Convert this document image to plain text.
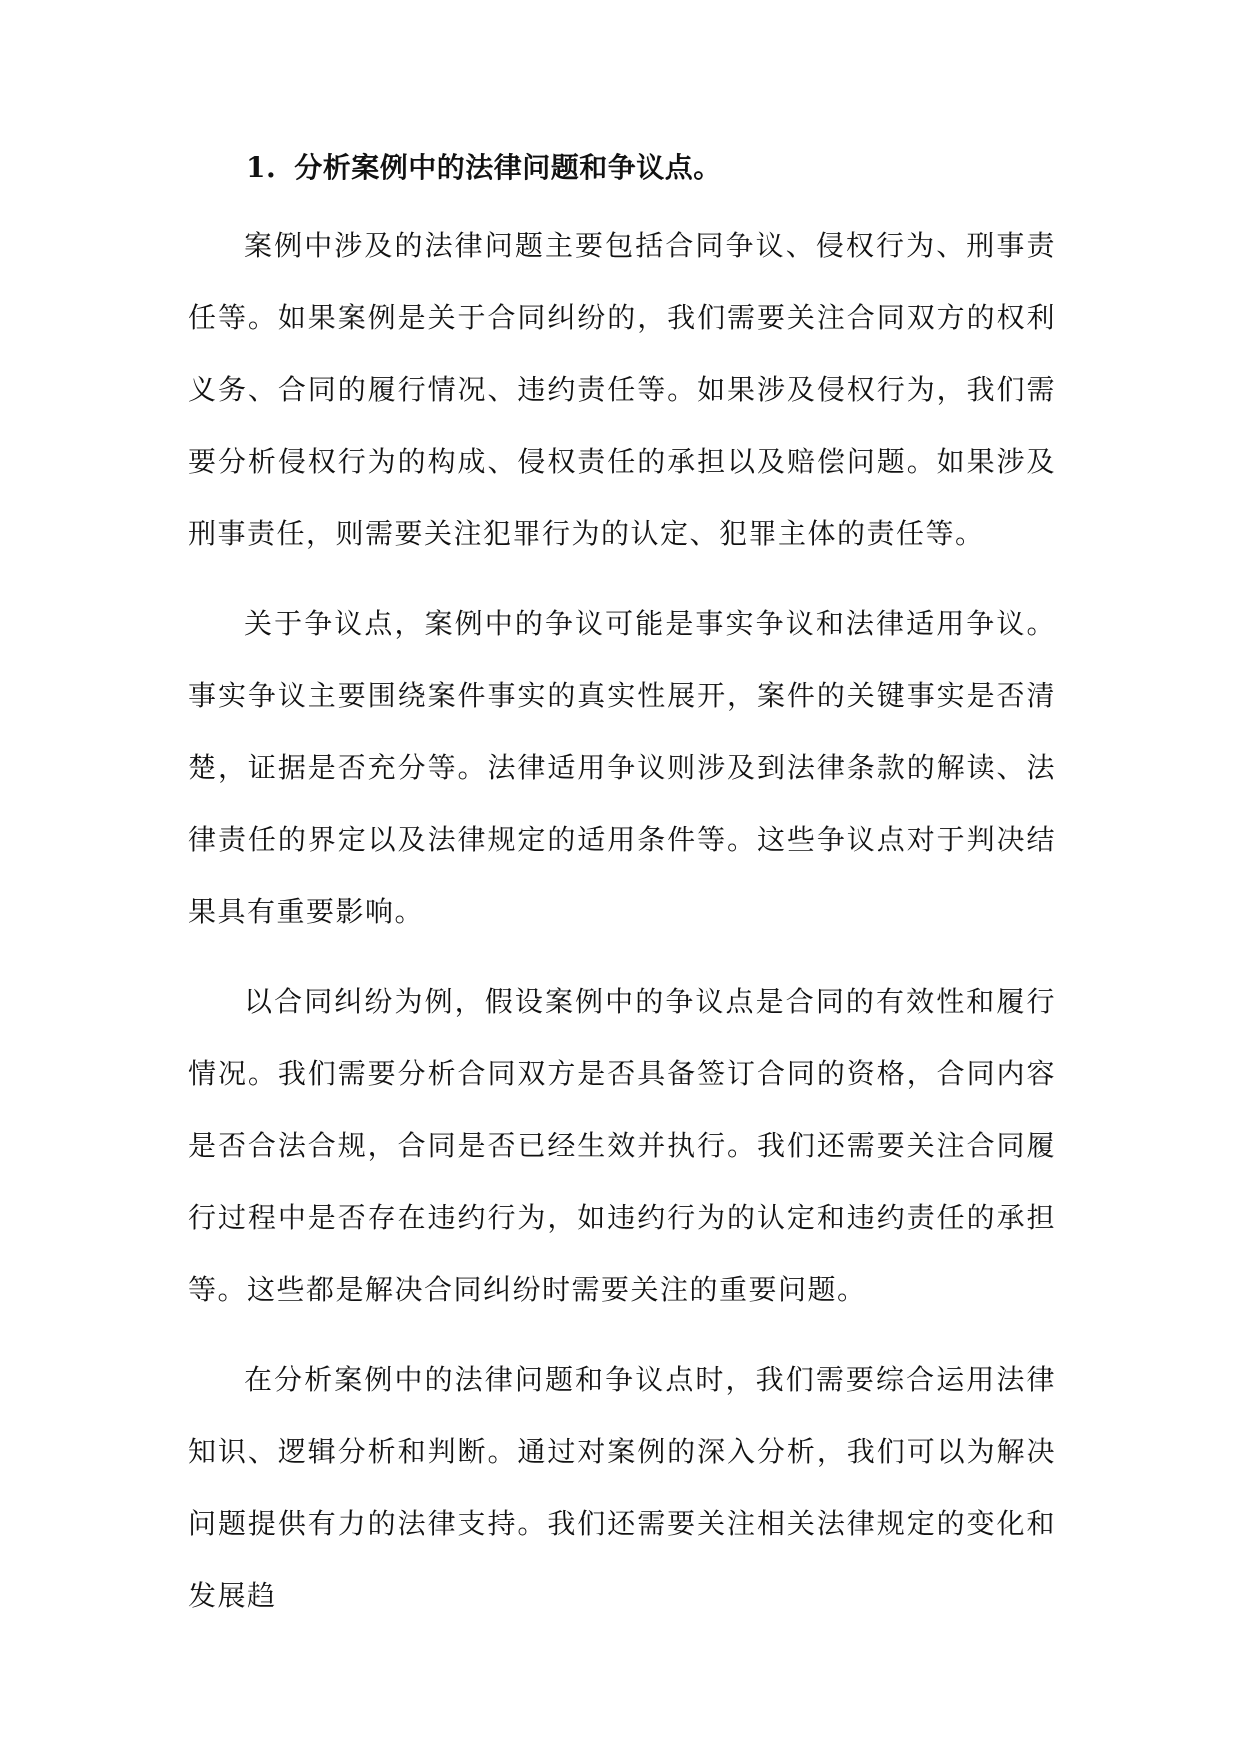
1. 分析案例中的法律问题和争议点。

案例中涉及的法律问题主要包括合同争议、侵权行为、刑事责任等。如果案例是关于合同纠纷的，我们需要关注合同双方的权利义务、合同的履行情况、违约责任等。如果涉及侵权行为，我们需要分析侵权行为的构成、侵权责任的承担以及赔偿问题。如果涉及刑事责任，则需要关注犯罪行为的认定、犯罪主体的责任等。

关于争议点，案例中的争议可能是事实争议和法律适用争议。事实争议主要围绕案件事实的真实性展开，案件的关键事实是否清楚，证据是否充分等。法律适用争议则涉及到法律条款的解读、法律责任的界定以及法律规定的适用条件等。这些争议点对于判决结果具有重要影响。

以合同纠纷为例，假设案例中的争议点是合同的有效性和履行情况。我们需要分析合同双方是否具备签订合同的资格，合同内容是否合法合规，合同是否已经生效并执行。我们还需要关注合同履行过程中是否存在违约行为，如违约行为的认定和违约责任的承担等。这些都是解决合同纠纷时需要关注的重要问题。

在分析案例中的法律问题和争议点时，我们需要综合运用法律知识、逻辑分析和判断。通过对案例的深入分析，我们可以为解决问题提供有力的法律支持。我们还需要关注相关法律规定的变化和发展趋
